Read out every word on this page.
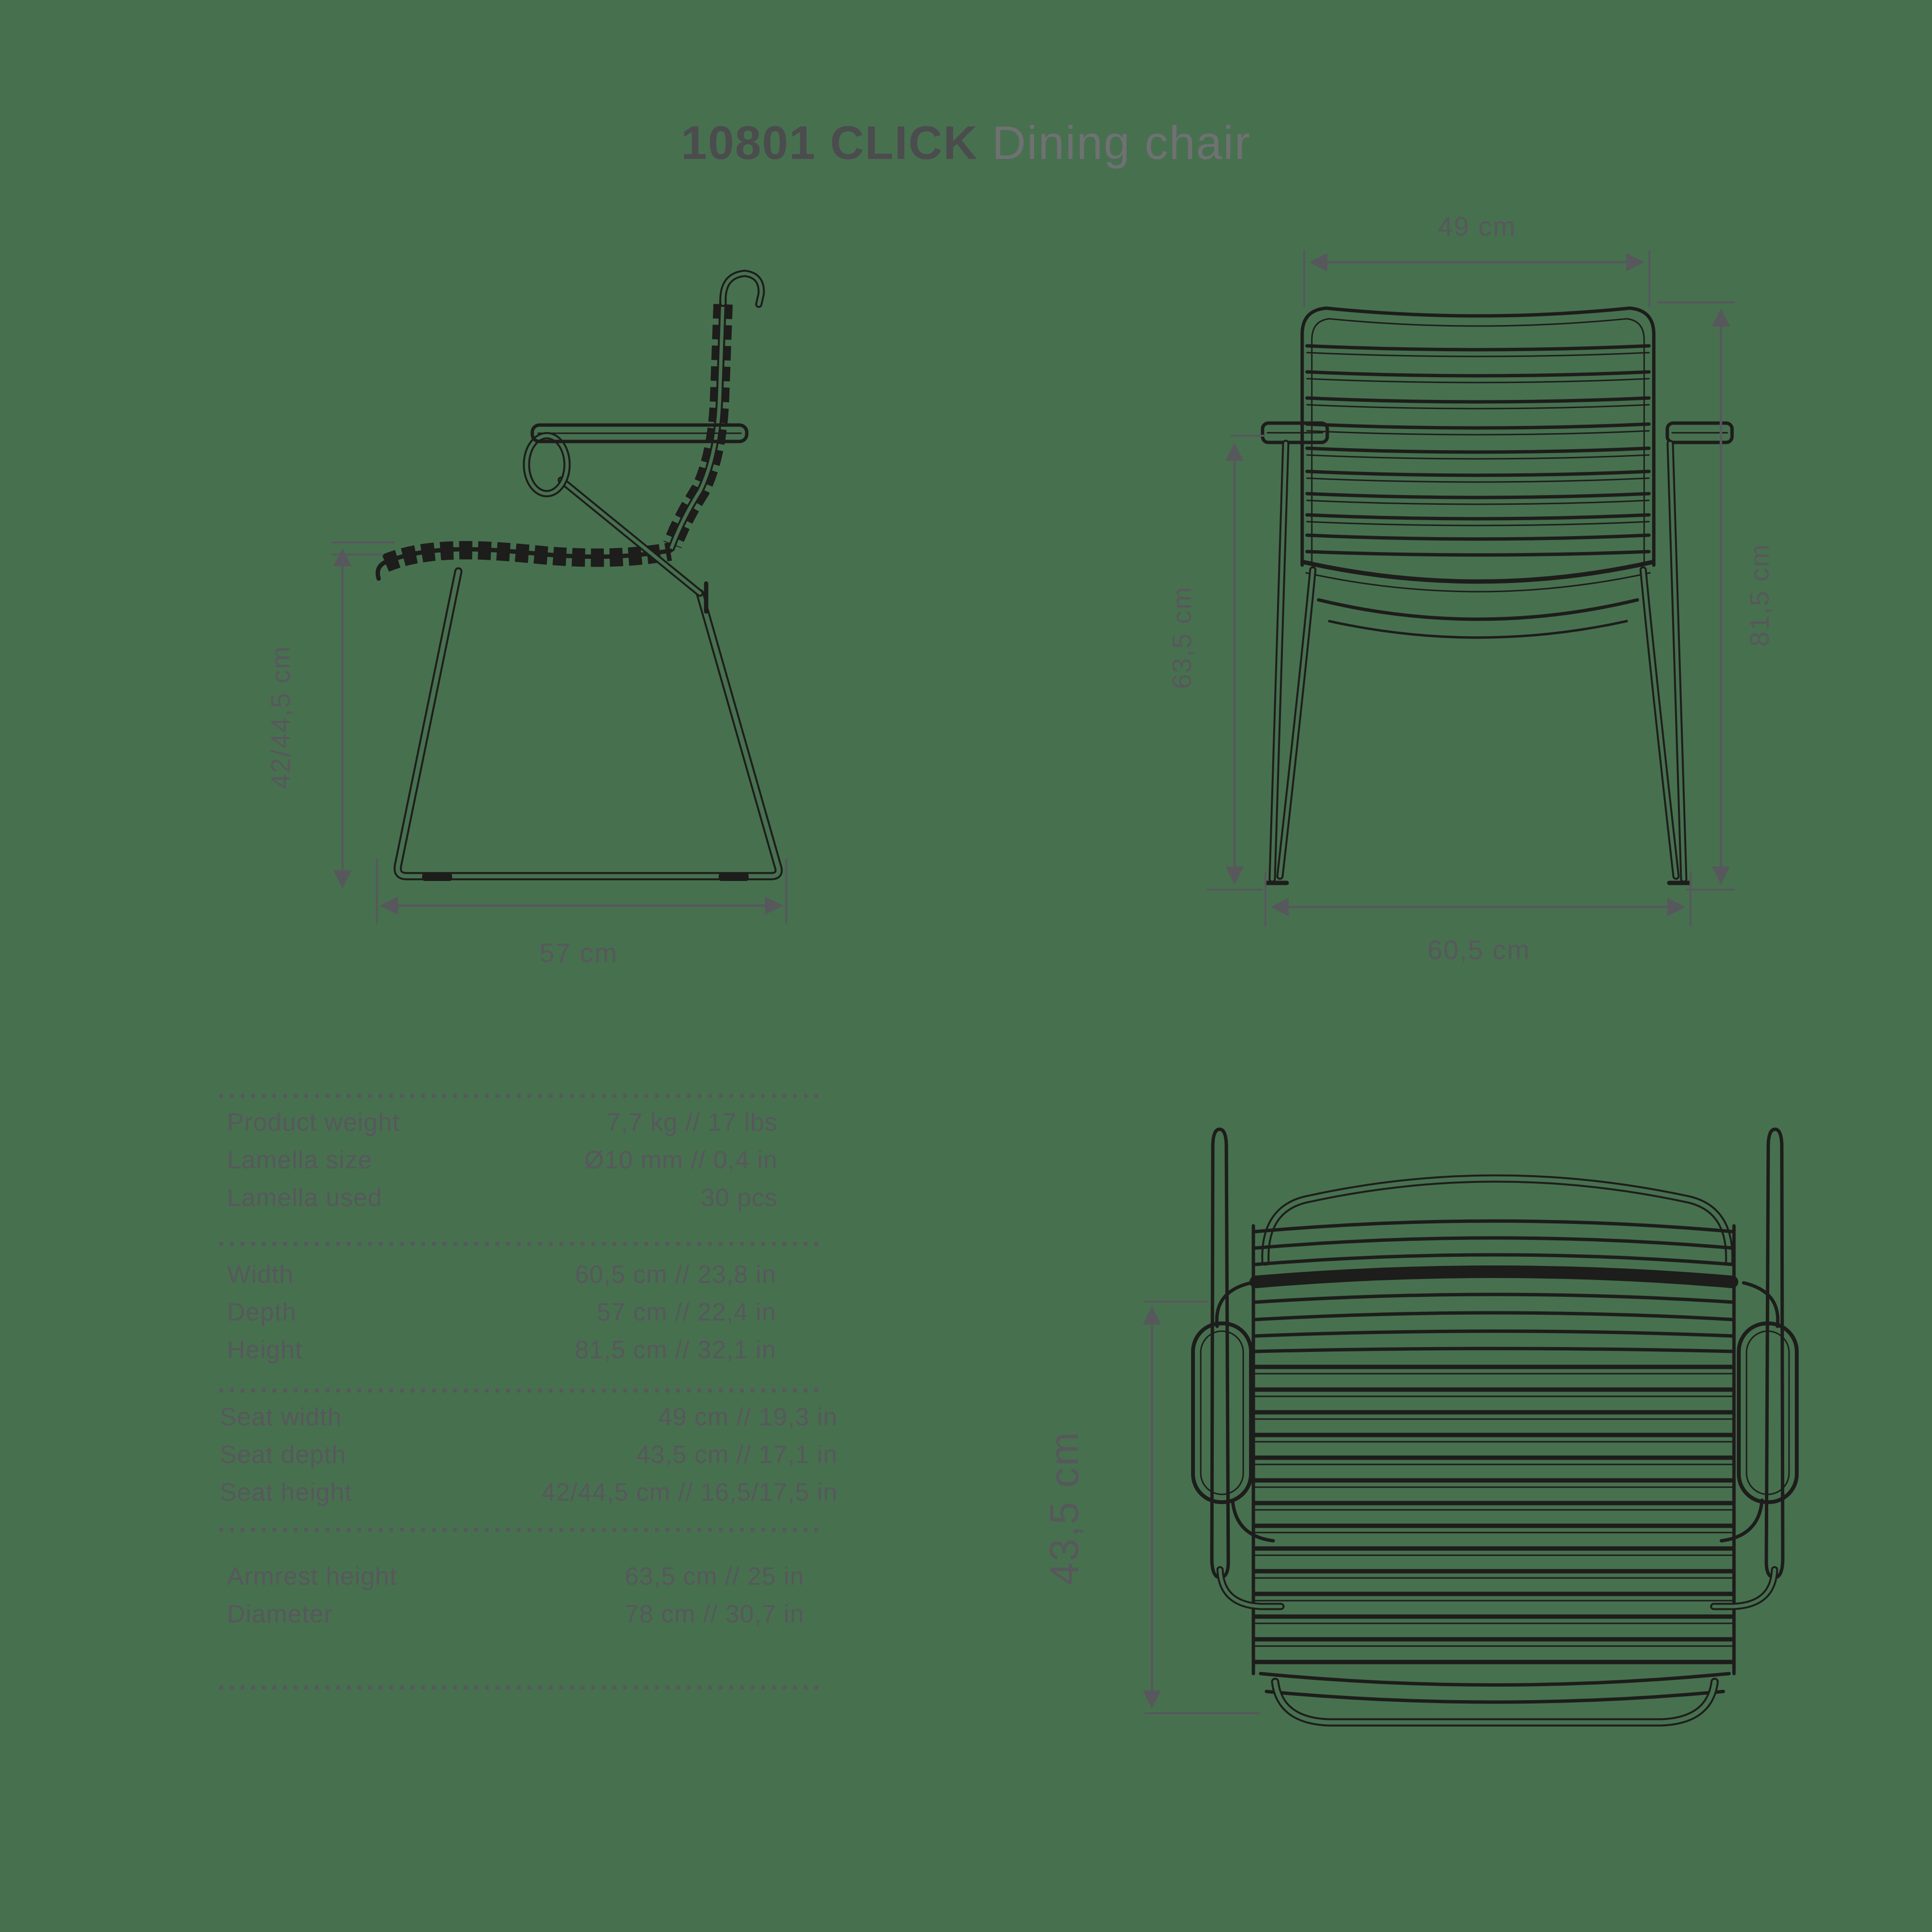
10801 CLICK Dining chair
42/44,5 cm
57 cm
49 cm
63,5 cm	81,5 cm
60,5 cm
Product weight	7,7 kg // 17 lbs
Lamella size	Ø10 mm // 0,4 in
Lamella used	30 pcs
Width	60,5 cm // 23,8 in
Depth	57 cm // 22,4 in
Height	81,5 cm // 32,1 in
Seat width	49 cm // 19,3 in
Seat depth	43,5 cm // 17,1 in
Seat height	42/44,5 cm // 16,5/17,5 in
Armrest height	63,5 cm // 25 in
Diameter	78 cm // 30,7 in
43,5 cm
